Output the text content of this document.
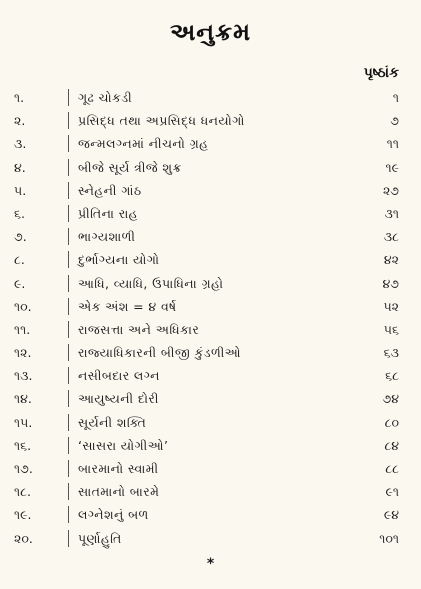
અનુક્રમ
પૃષ્ઠાંક
૧.	ગૂઢ ચોકડી	૧
૨.	પ્રસિદ્ધ તથા અપ્રસિદ્ધ ધનયોગો	૭
૩.	જન્મલગ્નમાં નીચનો ગ્રહ	૧૧
૪.	બીજે સૂર્ય ત્રીજે શુક્ર	૧૯
૫.	સ્નેહની ગાંઠ	૨૭
૬.	પ્રીતિના રાહ	૩૧
૭.	ભાગ્યશાળી	૩૮
૮.	દુર્ભાગ્યના યોગો	૪૨
૯.	આધિ, વ્યાધિ, ઉપાધિના ગ્રહો	૪૭
૧૦.	એક અંશ = ૪ વર્ષ	૫૨
૧૧.	રાજસત્તા અને અધિકાર	૫૬
૧૨.	રાજ્યાધિકારની બીજી કુંડળીઓ	૬૩
૧૩.	નસીબદાર લગ્ન	૬૮
૧૪.	આયુષ્યની દોરી	૭૪
૧૫.	સૂર્યની શક્તિ	૮૦
૧૬.	‘સાસરા યોગીઓ’	૮૪
૧૭.	બારમાનો સ્વામી	૮૮
૧૮.	સાતમાનો બારમે	૯૧
૧૯.	લગ્નેશનું બળ	૯૪
૨૦.	પૂર્ણાહુતિ	૧૦૧
*
